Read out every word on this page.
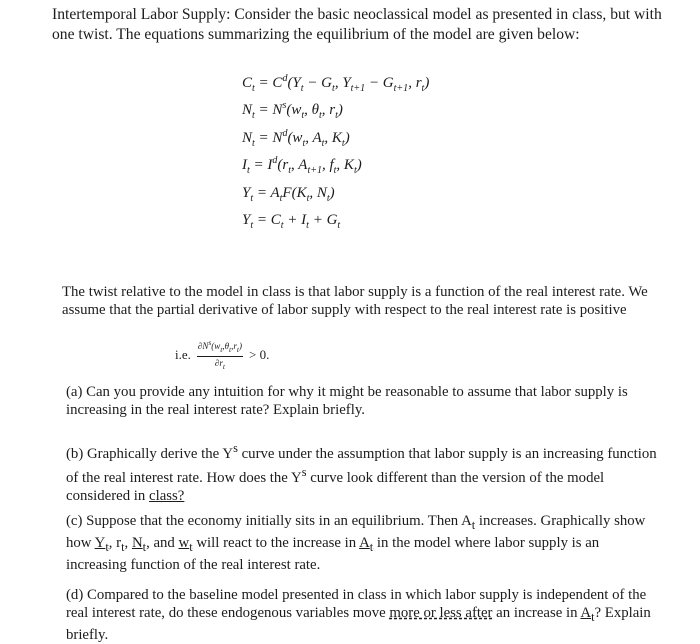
Intertemporal Labor Supply: Consider the basic neoclassical model as presented in class, but with one twist. The equations summarizing the equilibrium of the model are given below:

$C_t = C^d(Y_t - G_t$, $Y_{t+1} - G_{t+1}$, $r_t$)
$N_t = N^s(w_t$, $\theta_t$, $r_t$)
$N_t = N^d(w_t$, $A_t$, $K_t$)
$I_t = I^d(r_t$, $A_{t+1}$, $f_t$, $K_t$)
$Y_t = A_tF(K_t$, $N_t$)
$Y_t = C_t + I_t + G_t$

The twist relative to the model in class is that labor supply is a function of the real interest rate. We assume that the partial derivative of labor supply with respect to the real interest rate is positive

i.e. $\frac{\partial N^s(w_t,\theta_t,r_t)}{\partial r_t} > 0$.

(a) Can you provide any intuition for why it might be reasonable to assume that labor supply is increasing in the real interest rate? Explain briefly.

(b) Graphically derive the $Y^s$ curve under the assumption that labor supply is an increasing function of the real interest rate. How does the $Y^s$ curve look different than the version of the model considered in class?

(c) Suppose that the economy initially sits in an equilibrium. Then $A_t$ increases. Graphically show how $Y_t$, $r_t$, $N_t$, and $w_t$ will react to the increase in $A_t$ in the model where labor supply is an increasing function of the real interest rate.

(d) Compared to the baseline model presented in class in which labor supply is independent of the real interest rate, do these endogenous variables move more or less after an increase in $A_t$? Explain briefly.
